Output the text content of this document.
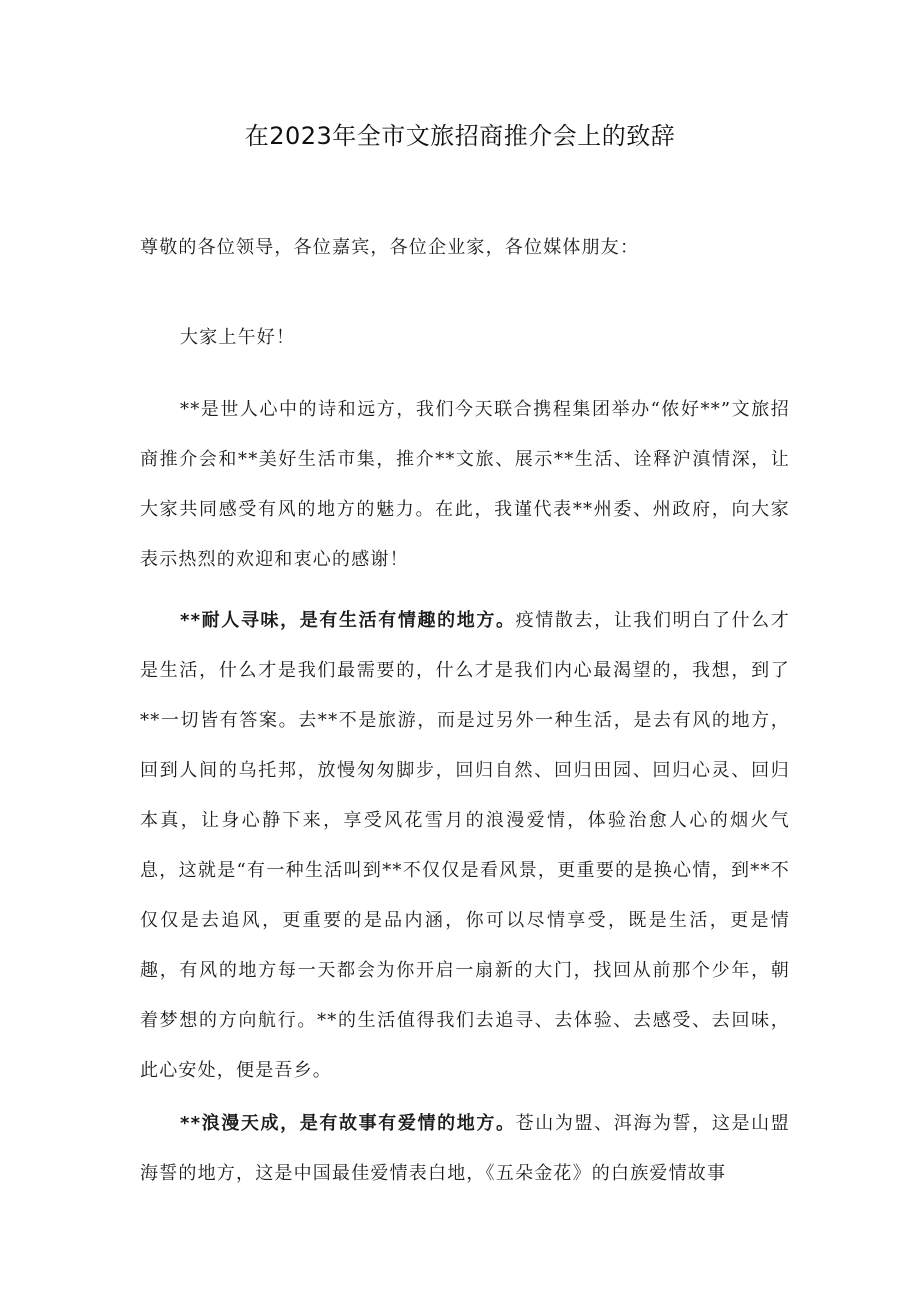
在2023年全市文旅招商推介会上的致辞

尊敬的各位领导，各位嘉宾，各位企业家，各位媒体朋友：

大家上午好！

**是世人心中的诗和远方，我们今天联合携程集团举办“侬好**”文旅招商推介会和**美好生活市集，推介**文旅、展示**生活、诠释沪滇情深，让大家共同感受有风的地方的魅力。在此，我谨代表**州委、州政府，向大家表示热烈的欢迎和衷心的感谢！

**耐人寻味，是有生活有情趣的地方。疫情散去，让我们明白了什么才是生活，什么才是我们最需要的，什么才是我们内心最渴望的，我想，到了**一切皆有答案。去**不是旅游，而是过另外一种生活，是去有风的地方，回到人间的乌托邦，放慢匆匆脚步，回归自然、回归田园、回归心灵、回归本真，让身心静下来，享受风花雪月的浪漫爱情，体验治愈人心的烟火气息，这就是“有一种生活叫到**不仅仅是看风景，更重要的是换心情，到**不仅仅是去追风，更重要的是品内涵，你可以尽情享受，既是生活，更是情趣，有风的地方每一天都会为你开启一扇新的大门，找回从前那个少年，朝着梦想的方向航行。**的生活值得我们去追寻、去体验、去感受、去回味，此心安处，便是吾乡。

**浪漫天成，是有故事有爱情的地方。苍山为盟、洱海为誓，这是山盟海誓的地方，这是中国最佳爱情表白地，《五朵金花》的白族爱情故事
